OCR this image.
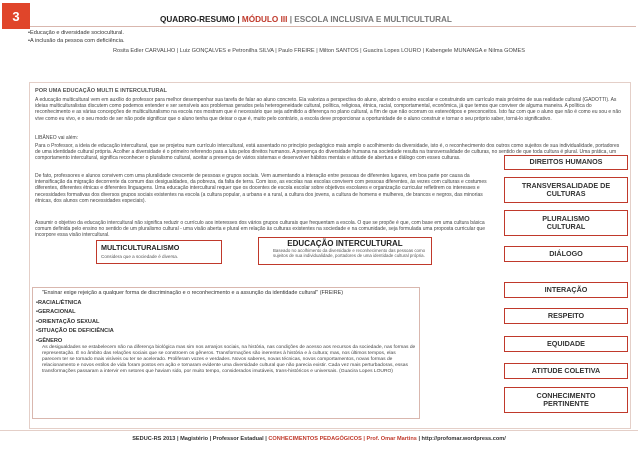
3	QUADRO-RESUMO | MÓDULO III | ESCOLA INCLUSIVA E MULTICULTURAL
• Educação e diversidade sociocultural.
• A inclusão da pessoa com deficiência.
Rosita Edler CARVALHO | Luiz GONÇALVES e Petronilha SILVA | Paulo FREIRE | Milton SANTOS | Guacira Lopes LOURO | Kabengele MUNANGA e Nilma GOMES
POR UMA EDUCAÇÃO MULTI E INTERCULTURAL
A educação multicultural vem em auxílio do professor para melhor desempenhar sua tarefa de falar ao aluno concreto. Ela valoriza a perspectiva do aluno, abrindo o ensino escolar e construindo um currículo mais próximo de sua realidade cultural (GADOTTI). As ideias multiculturalistas discutem como podemos entender e ser sensíveis aos problemas gerados pela heterogeneidade cultural, política, religiosa, étnica, racial, comportamental, econômica, já que temos que conviver de alguma maneira. A política do reconhecimento e as várias concepções de multiculturalismo na escola nos mostram que é necessário que seja admitido a diferença no plano cultural, a fim de que não ocorram os estereótipos e preconceitos. Isto faz com que o aluno que não é como eu sou e não vive como eu vivo, e o seu modo de ser não pode significar que o aluno tenha que deixar o que é, muito pelo contrário, a escola deve proporcionar a oportunidade de o aluno construir e tornar o seu próprio saber, torná-lo significativo.
LIBÂNEO vai além:
Para o Professor, a ideia de educação intercultural, que se projetou num currículo intercultural, está assentado no princípio pedagógico mais amplo o acolhimento da diversidade, isto é, o reconhecimento dos outros como sujeitos de sua individualidade, portadores de uma identidade cultural própria. Acolher a diversidade é o primeiro referendo para a luta pelos direitos humanos. A presença do diversidade humana na sociedade resulta na transversalidade de culturas, no sentido de que toda cultura é plural. Uma prática, um comportamento intercultural, significa reconhecer o pluralismo cultural, aceitar a presença de vários sistemas e desenvolver hábitos mentais e atitude de abertura e diálogo com esses culturas.
De fato, professores e alunos convivem com uma pluralidade crescente de pessoas e grupos sociais. Vem aumentando a interação entre pessoas de diferentes lugares, em boa parte por causa da intensificação da migração decorrente da comum das desigualdades, da pobreza, da falta de terra. Com isso, as escolas nas escolas convivem com pessoas diferentes, às vezes com culturas e costumes diferentes, diferentes étnicas e diferentes linguagens. Uma educação intercultural requer que os docentes de escola escolar sobre objetivos escolares e organização curricular refletirem os interesses e necessidades formativas dos diversos grupos sociais existentes na escola (a cultura popular, a urbana e a rural, a cultura dos jovens, a cultura de homens e mulheres, de brancos e negros, das minorias étnicas, dos alunos com necessidades especiais).
Assumir o objetivo da educação intercultural não significa reduzir o currículo aos interesses dos vários grupos culturais que frequentam a escola. O que se propõe é que, com base em uma cultura básica comum definida pelo ensino no sentido de um pluralismo cultural - uma visão aberta e plural em relação às culturas existentes na sociedade e na comunidade, seja formulada uma proposta curricular que incorpore essa visão intercultural.
DIREITOS HUMANOS
TRANSVERSALIDADE DE CULTURAS
PLURALISMO CULTURAL
DIÁLOGO
INTERAÇÃO
RESPEITO
EQUIDADE
ATITUDE COLETIVA
CONHECIMENTO PERTINENTE
MULTICULTURALISMO
Considera que a sociedade é diversa.
EDUCAÇÃO INTERCULTURAL
Baseado no acolhimento da diversidade e reconhecimento das pessoas como sujeitos de sua individualidade, portadores de uma identidade cultural própria.
"Ensinar exige rejeição a qualquer forma de discriminação e o reconhecimento e a assunção da identidade cultural" (FREIRE)
• RACIAL/ÉTNICA
• GERACIONAL
• ORIENTAÇÃO SEXUAL
• SITUAÇÃO DE DEFICIÊNCIA
• GÊNERO
As desigualdades se estabelecem não na diferença biológica mas sim nos arranjos sociais, na história, nas condições de acesso aos recursos da sociedade, nas formas de representação. É no âmbito das relações sociais que se constroem os gêneros. Transformações são inerentes à história e à cultura; mas, nos últimos tempos, elas parecem ter se tornado mais visíveis ou ter se acelerado. Proliferam vozes e verdades. Novos saberes, novas técnicas, novos comportamentos, novas formas de relacionamento e novos estilos de vida foram postos em ação e tornaram evidente uma diversidade cultural que não parecia existir. Cada vez mais perturbadoras, essas transformações passaram a intervir em setores que haviam sido, por muito tempo, considerados imutáveis, trans-históricos e universais. (Guacira Lopes LOURO)
SEDUC-RS 2013 | Magistério | Professor Estadual | CONHECIMENTOS PEDAGÓGICOS | Prof. Omar Martins | http://profomar.wordpress.com/
